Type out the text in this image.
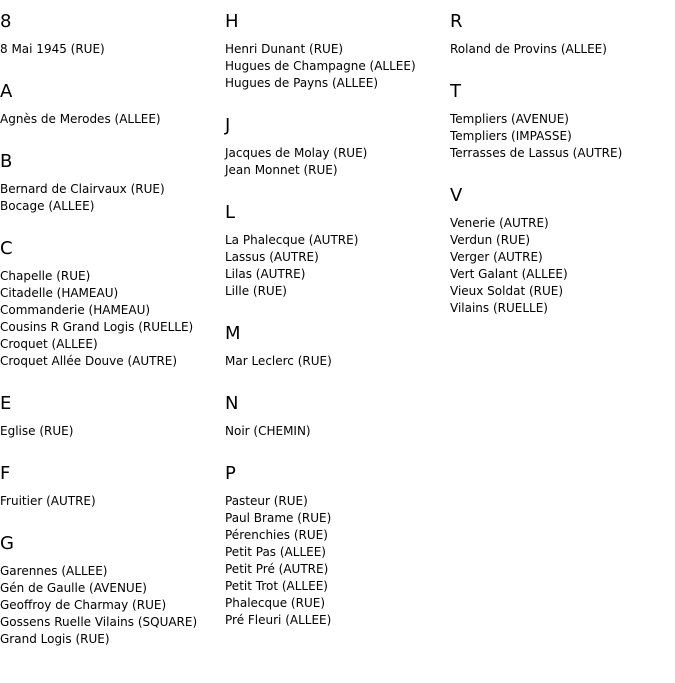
8
8 Mai 1945 (RUE)
A
Agnès de Merodes (ALLEE)
B
Bernard de Clairvaux (RUE)
Bocage (ALLEE)
C
Chapelle (RUE)
Citadelle (HAMEAU)
Commanderie (HAMEAU)
Cousins R Grand Logis (RUELLE)
Croquet (ALLEE)
Croquet Allée Douve (AUTRE)
E
Eglise (RUE)
F
Fruitier (AUTRE)
G
Garennes (ALLEE)
Gén de Gaulle (AVENUE)
Geoffroy de Charmay (RUE)
Gossens Ruelle Vilains (SQUARE)
Grand Logis (RUE)
H
Henri Dunant (RUE)
Hugues de Champagne (ALLEE)
Hugues de Payns (ALLEE)
J
Jacques de Molay (RUE)
Jean Monnet (RUE)
L
La Phalecque (AUTRE)
Lassus (AUTRE)
Lilas (AUTRE)
Lille (RUE)
M
Mar Leclerc (RUE)
N
Noir (CHEMIN)
P
Pasteur (RUE)
Paul Brame (RUE)
Pérenchies (RUE)
Petit Pas (ALLEE)
Petit Pré (AUTRE)
Petit Trot (ALLEE)
Phalecque (RUE)
Pré Fleuri (ALLEE)
R
Roland de Provins (ALLEE)
T
Templiers (AVENUE)
Templiers (IMPASSE)
Terrasses de Lassus (AUTRE)
V
Venerie (AUTRE)
Verdun (RUE)
Verger (AUTRE)
Vert Galant (ALLEE)
Vieux Soldat (RUE)
Vilains (RUELLE)
